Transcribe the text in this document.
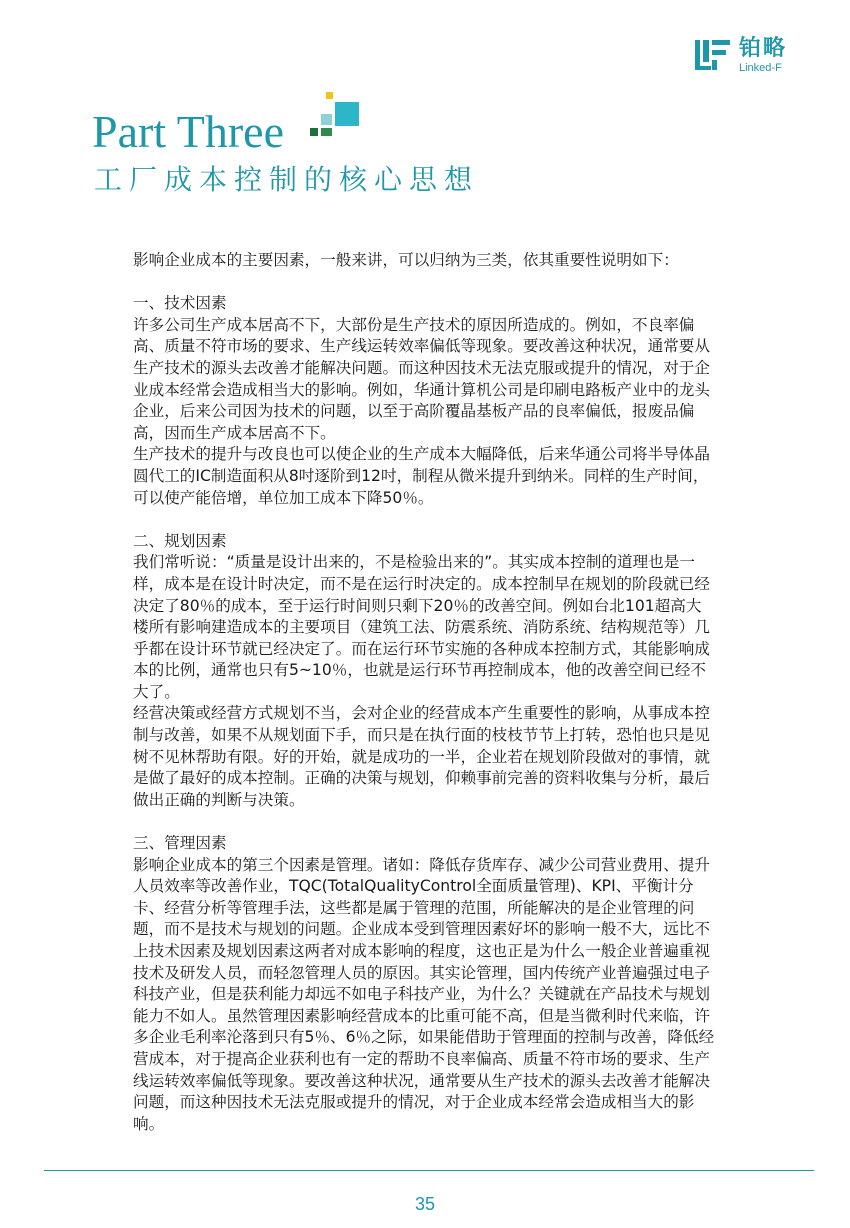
铂略
Linked-F
Part Three
工厂成本控制的核心思想

影响企业成本的主要因素，一般来讲，可以归纳为三类，依其重要性说明如下：

一、技术因素

许多公司生产成本居高不下，大部份是生产技术的原因所造成的。例如，不良率偏高、质量不符市场的要求、生产线运转效率偏低等现象。要改善这种状况，通常要从生产技术的源头去改善才能解决问题。而这种因技术无法克服或提升的情况，对于企业成本经常会造成相当大的影响。例如，华通计算机公司是印刷电路板产业中的龙头企业，后来公司因为技术的问题，以至于高阶覆晶基板产品的良率偏低，报废品偏高，因而生产成本居高不下。

生产技术的提升与改良也可以使企业的生产成本大幅降低，后来华通公司将半导体晶圆代工的IC制造面积从8吋逐阶到12吋，制程从微米提升到纳米。同样的生产时间，可以使产能倍增，单位加工成本下降50％。

二、规划因素

我们常听说：“质量是设计出来的，不是检验出来的”。其实成本控制的道理也是一样，成本是在设计时决定，而不是在运行时决定的。成本控制早在规划的阶段就已经决定了80％的成本，至于运行时间则只剩下20％的改善空间。例如台北101超高大楼所有影响建造成本的主要项目（建筑工法、防震系统、消防系统、结构规范等）几乎都在设计环节就已经决定了。而在运行环节实施的各种成本控制方式，其能影响成本的比例，通常也只有5~10％，也就是运行环节再控制成本，他的改善空间已经不大了。

经营决策或经营方式规划不当，会对企业的经营成本产生重要性的影响，从事成本控制与改善，如果不从规划面下手，而只是在执行面的枝枝节节上打转，恐怕也只是见树不见林帮助有限。好的开始，就是成功的一半，企业若在规划阶段做对的事情，就是做了最好的成本控制。正确的决策与规划，仰赖事前完善的资料收集与分析，最后做出正确的判断与决策。

三、管理因素

影响企业成本的第三个因素是管理。诸如：降低存货库存、减少公司营业费用、提升人员效率等改善作业，TQC(TotalQualityControl全面质量管理)、KPI、平衡计分卡、经营分析等管理手法，这些都是属于管理的范围，所能解决的是企业管理的问题，而不是技术与规划的问题。企业成本受到管理因素好坏的影响一般不大，远比不上技术因素及规划因素这两者对成本影响的程度，这也正是为什么一般企业普遍重视技术及研发人员，而轻忽管理人员的原因。其实论管理，国内传统产业普遍强过电子科技产业，但是获利能力却远不如电子科技产业，为什么？关键就在产品技术与规划能力不如人。虽然管理因素影响经营成本的比重可能不高，但是当微利时代来临，许多企业毛利率沦落到只有5％、6％之际，如果能借助于管理面的控制与改善，降低经营成本，对于提高企业获利也有一定的帮助不良率偏高、质量不符市场的要求、生产线运转效率偏低等现象。要改善这种状况，通常要从生产技术的源头去改善才能解决问题，而这种因技术无法克服或提升的情况，对于企业成本经常会造成相当大的影响。

35
